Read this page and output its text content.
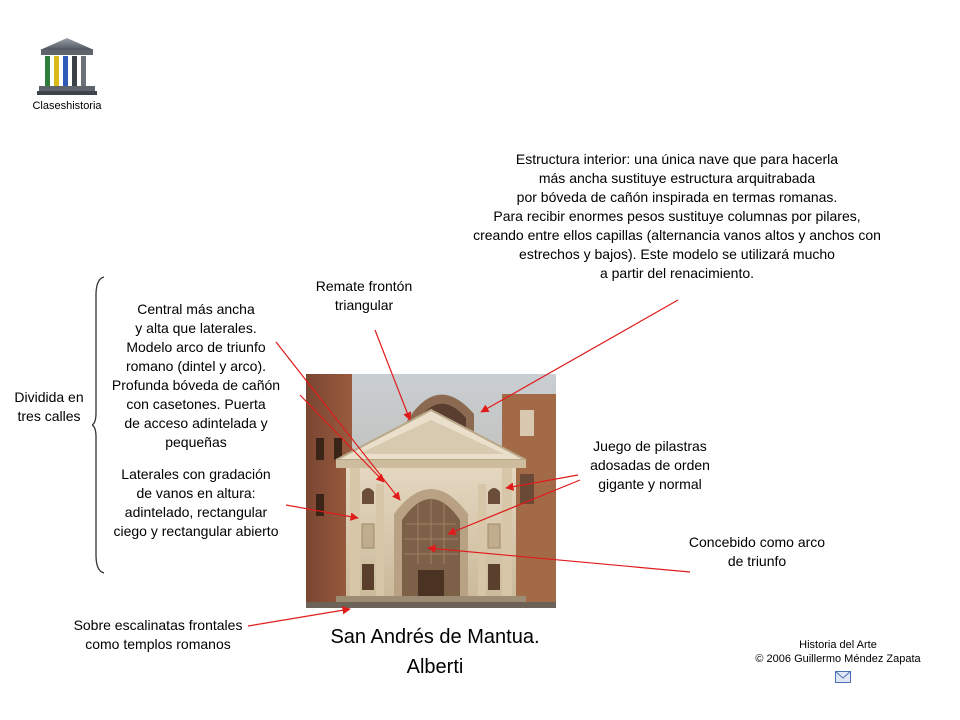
Claseshistoria
Estructura interior: una única nave que para hacerla
más ancha sustituye estructura arquitrabada
por bóveda de cañón inspirada en termas romanas.
Para recibir enormes pesos sustituye columnas por pilares,
creando entre ellos capillas (alternancia vanos altos y anchos con
estrechos y bajos). Este modelo se utilizará mucho
a partir del renacimiento.
Remate frontón
triangular
Central más ancha
y alta que laterales.
Modelo arco de triunfo
romano (dintel y arco).
Profunda bóveda de cañón
con casetones. Puerta
de acceso adintelada y
pequeñas
Laterales con gradación
de vanos en altura:
adintelado, rectangular
ciego y rectangular abierto
Dividida en
tres calles
Juego de pilastras
adosadas de orden
gigante y normal
Concebido como arco
de triunfo
Sobre escalinatas frontales
como templos romanos	San Andrés de Mantua.
Alberti
Historia del Arte
© 2006 Guillermo Méndez Zapata
